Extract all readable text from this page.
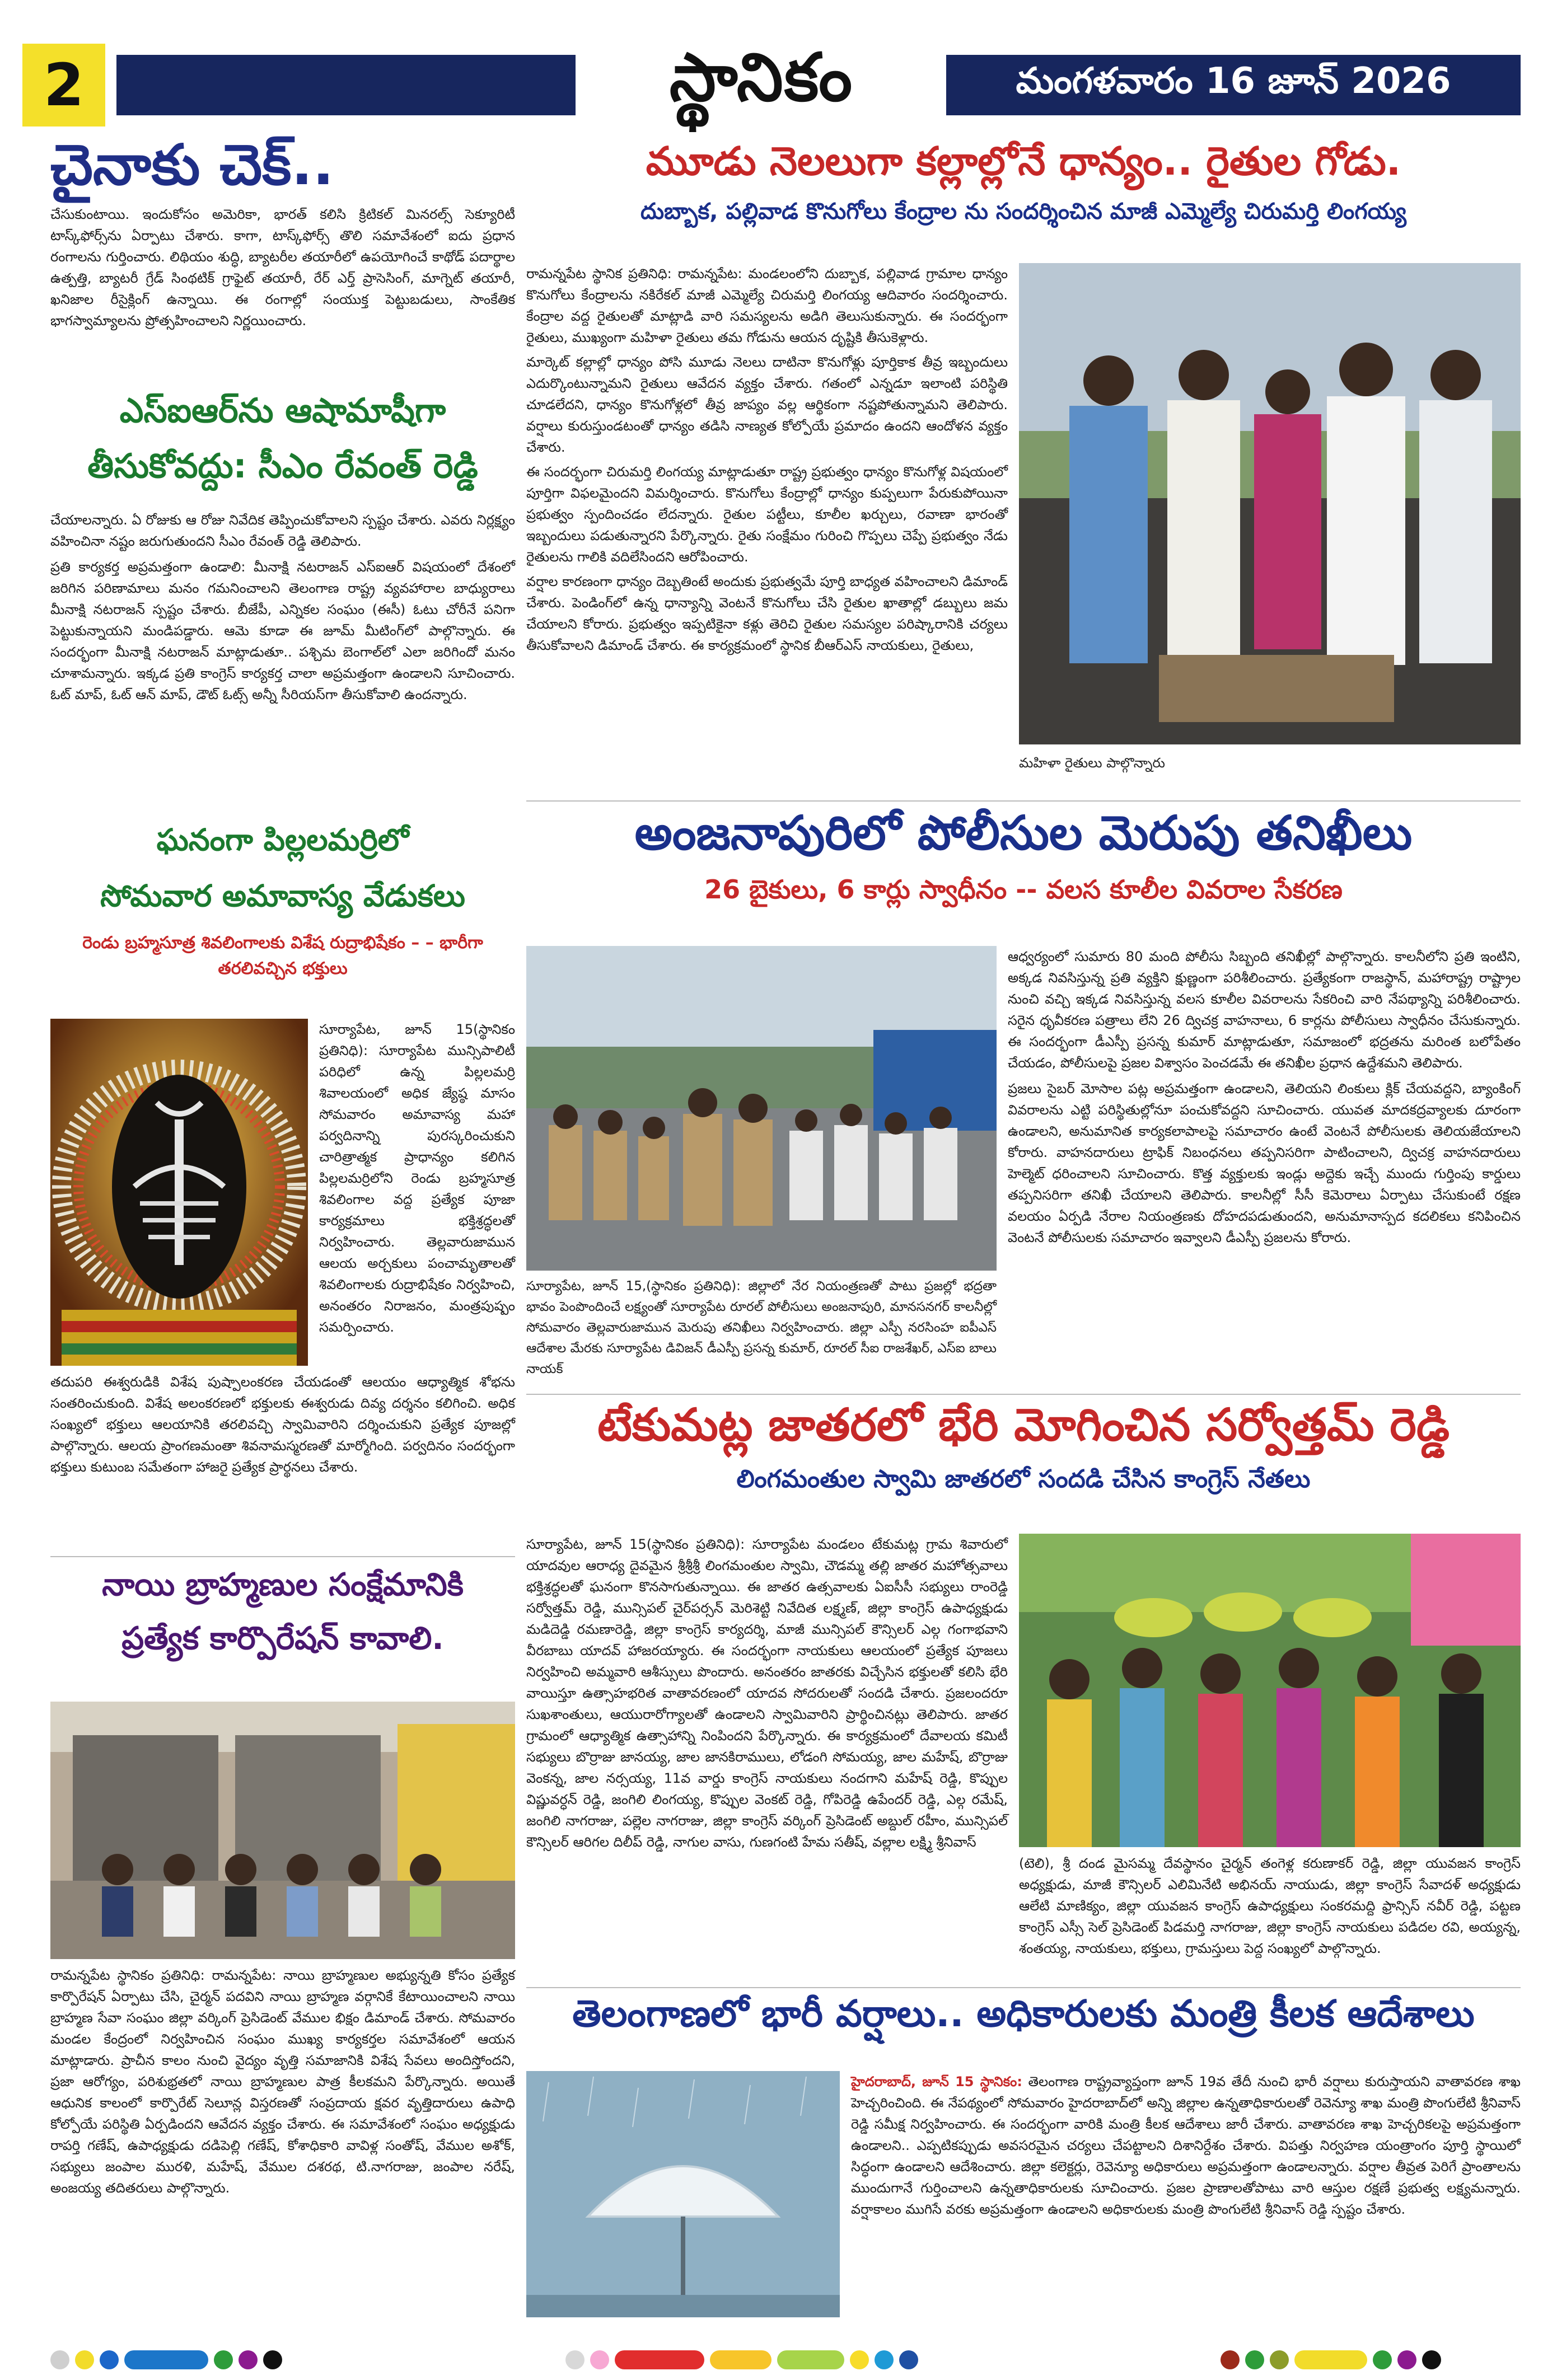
2	స్థానికం	మంగళవారం 16 జూన్ 2026
చైనాకు చెక్..

చేసుకుంటాయి. ఇందుకోసం అమెరికా, భారత్ కలిసి క్రిటికల్ మినరల్స్ సెక్యూరిటీ టాస్క్‌ఫోర్స్‌ను ఏర్పాటు చేశారు. కాగా, టాస్క్‌ఫోర్స్ తొలి సమావేశంలో ఐదు ప్రధాన రంగాలను గుర్తించారు. లిథియం శుద్ధి, బ్యాటరీల తయారీలో ఉపయోగించే కాథోడ్ పదార్థాల ఉత్పత్తి, బ్యాటరీ గ్రేడ్ సింథటిక్ గ్రాఫైట్ తయారీ, రేర్ ఎర్త్ ప్రాసెసింగ్, మాగ్నెట్ తయారీ, ఖనిజాల రీసైక్లింగ్ ఉన్నాయి. ఈ రంగాల్లో సంయుక్త పెట్టుబడులు, సాంకేతిక భాగస్వామ్యాలను ప్రోత్సహించాలని నిర్ణయించారు.

ఎస్ఐఆర్‌ను ఆషామాషీగా
తీసుకోవద్దు: సీఎం రేవంత్ రెడ్డి

చేయాలన్నారు. ఏ రోజుకు ఆ రోజు నివేదిక తెప్పించుకోవాలని స్పష్టం చేశారు. ఎవరు నిర్లక్ష్యం వహించినా నష్టం జరుగుతుందని సీఎం రేవంత్ రెడ్డి తెలిపారు.

ప్రతి కార్యకర్త అప్రమత్తంగా ఉండాలి: మీనాక్షి నటరాజన్ ఎస్ఐఆర్ విషయంలో దేశంలో జరిగిన పరిణామాలు మనం గమనించాలని తెలంగాణ రాష్ట్ర వ్యవహారాల బాధ్యురాలు మీనాక్షి నటరాజన్ స్పష్టం చేశారు. బీజేపీ, ఎన్నికల సంఘం (ఈసీ) ఓటు చోరీనే పనిగా పెట్టుకున్నాయని మండిపడ్డారు. ఆమె కూడా ఈ జూమ్ మీటింగ్‌లో పాల్గొన్నారు. ఈ సందర్భంగా మీనాక్షి నటరాజన్ మాట్లాడుతూ.. పశ్చిమ బెంగాల్‌లో ఎలా జరిగిందో మనం చూశామన్నారు. ఇక్కడ ప్రతి కాంగ్రెస్ కార్యకర్త చాలా అప్రమత్తంగా ఉండాలని సూచించారు. ఓట్ మాప్, ఓట్ ఆన్ మాప్, డౌట్ ఓట్స్ అన్నీ సీరియస్‌గా తీసుకోవాలి ఉందన్నారు.

ఘనంగా పిల్లలమర్రిలో
సోమవార అమావాస్య వేడుకలు
రెండు బ్రహ్మసూత్ర శివలింగాలకు విశేష రుద్రాభిషేకం – – భారీగా తరలివచ్చిన భక్తులు

సూర్యాపేట, జూన్ 15(స్థానికం ప్రతినిధి): సూర్యాపేట మున్సిపాలిటీ పరిధిలో ఉన్న పిల్లలమర్రి శివాలయంలో అధిక జ్యేష్ఠ మాసం సోమవారం అమావాస్య మహా పర్వదినాన్ని పురస్కరించుకుని చారిత్రాత్మక ప్రాధాన్యం కలిగిన పిల్లలమర్రిలోని రెండు బ్రహ్మసూత్ర శివలింగాల వద్ద ప్రత్యేక పూజా కార్యక్రమాలు భక్తిశ్రద్ధలతో నిర్వహించారు. తెల్లవారుజామున ఆలయ అర్చకులు పంచామృతాలతో శివలింగాలకు రుద్రాభిషేకం నిర్వహించి, అనంతరం నిరాజనం, మంత్రపుష్పం సమర్పించారు.

తదుపరి ఈశ్వరుడికి విశేష పుష్పాలంకరణ చేయడంతో ఆలయం ఆధ్యాత్మిక శోభను సంతరించుకుంది. విశేష అలంకరణలో భక్తులకు ఈశ్వరుడు దివ్య దర్శనం కలిగించి. అధిక సంఖ్యలో భక్తులు ఆలయానికి తరలివచ్చి స్వామివారిని దర్శించుకుని ప్రత్యేక పూజల్లో పాల్గొన్నారు. ఆలయ ప్రాంగణమంతా శివనామస్మరణతో మార్మోగింది. పర్వదినం సందర్భంగా భక్తులు కుటుంబ సమేతంగా హాజరై ప్రత్యేక ప్రార్థనలు చేశారు.

నాయి బ్రాహ్మణుల సంక్షేమానికి
ప్రత్యేక కార్పొరేషన్ కావాలి.

రామన్నపేట స్థానికం ప్రతినిధి: రామన్నపేట: నాయి బ్రాహ్మణుల అభ్యున్నతి కోసం ప్రత్యేక కార్పొరేషన్ ఏర్పాటు చేసి, చైర్మన్ పదవిని నాయి బ్రాహ్మణ వర్గానికే కేటాయించాలని నాయి బ్రాహ్మణ సేవా సంఘం జిల్లా వర్కింగ్ ప్రెసిడెంట్ వేముల భిక్షం డిమాండ్ చేశారు. సోమవారం మండల కేంద్రంలో నిర్వహించిన సంఘం ముఖ్య కార్యకర్తల సమావేశంలో ఆయన మాట్లాడారు. ప్రాచీన కాలం నుంచి వైద్యం వృత్తి సమాజానికి విశేష సేవలు అందిస్తోందని, ప్రజా ఆరోగ్యం, పరిశుభ్రతలో నాయి బ్రాహ్మణుల పాత్ర కీలకమని పేర్కొన్నారు. అయితే ఆధునిక కాలంలో కార్పొరేట్ సెలూన్ల విస్తరణతో సంప్రదాయ క్షవర వృత్తిదారులు ఉపాధి కోల్పోయే పరిస్థితి ఏర్పడిందని ఆవేదన వ్యక్తం చేశారు. ఈ సమావేశంలో సంఘం అధ్యక్షుడు రాపర్తి గణేష్, ఉపాధ్యక్షుడు దడిపెల్లి గణేష్, కోశాధికారి వావిళ్ల సంతోష్, వేముల అశోక్, సభ్యులు జంపాల మురళి, మహేష్, వేముల దశరథ, టి.నాగరాజు, జంపాల నరేష్, అంజయ్య తదితరులు పాల్గొన్నారు.

మూడు నెలలుగా కల్లాల్లోనే ధాన్యం.. రైతుల గోడు.
దుబ్బాక, పల్లివాడ కొనుగోలు కేంద్రాల ను సందర్శించిన మాజీ ఎమ్మెల్యే చిరుమర్తి లింగయ్య

రామన్నపేట స్థానిక ప్రతినిధి: రామన్నపేట: మండలంలోని దుబ్బాక, పల్లివాడ గ్రామాల ధాన్యం కొనుగోలు కేంద్రాలను నకిరేకల్ మాజీ ఎమ్మెల్యే చిరుమర్తి లింగయ్య ఆదివారం సందర్శించారు. కేంద్రాల వద్ద రైతులతో మాట్లాడి వారి సమస్యలను అడిగి తెలుసుకున్నారు. ఈ సందర్భంగా రైతులు, ముఖ్యంగా మహిళా రైతులు తమ గోడును ఆయన దృష్టికి తీసుకెళ్లారు.

మార్కెట్ కల్లాల్లో ధాన్యం పోసి మూడు నెలలు దాటినా కొనుగోళ్లు పూర్తికాక తీవ్ర ఇబ్బందులు ఎదుర్కొంటున్నామని రైతులు ఆవేదన వ్యక్తం చేశారు. గతంలో ఎన్నడూ ఇలాంటి పరిస్థితి చూడలేదని, ధాన్యం కొనుగోళ్లలో తీవ్ర జాప్యం వల్ల ఆర్థికంగా నష్టపోతున్నామని తెలిపారు. వర్షాలు కురుస్తుండటంతో ధాన్యం తడిసి నాణ్యత కోల్పోయే ప్రమాదం ఉందని ఆందోళన వ్యక్తం చేశారు.

ఈ సందర్భంగా చిరుమర్తి లింగయ్య మాట్లాడుతూ రాష్ట్ర ప్రభుత్వం ధాన్యం కొనుగోళ్ల విషయంలో పూర్తిగా విఫలమైందని విమర్శించారు. కొనుగోలు కేంద్రాల్లో ధాన్యం కుప్పలుగా పేరుకుపోయినా ప్రభుత్వం స్పందించడం లేదన్నారు. రైతుల పట్టీలు, కూలీల ఖర్చులు, రవాణా భారంతో ఇబ్బందులు పడుతున్నారని పేర్కొన్నారు. రైతు సంక్షేమం గురించి గొప్పలు చెప్పే ప్రభుత్వం నేడు రైతులను గాలికి వదిలేసిందని ఆరోపించారు.

వర్షాల కారణంగా ధాన్యం దెబ్బతింటే అందుకు ప్రభుత్వమే పూర్తి బాధ్యత వహించాలని డిమాండ్ చేశారు. పెండింగ్‌లో ఉన్న ధాన్యాన్ని వెంటనే కొనుగోలు చేసి రైతుల ఖాతాల్లో డబ్బులు జమ చేయాలని కోరారు. ప్రభుత్వం ఇప్పటికైనా కళ్లు తెరిచి రైతుల సమస్యల పరిష్కారానికి చర్యలు తీసుకోవాలని డిమాండ్ చేశారు. ఈ కార్యక్రమంలో స్థానిక బీఆర్ఎస్ నాయకులు, రైతులు,

మహిళా రైతులు పాల్గొన్నారు
అంజనాపురిలో పోలీసుల మెరుపు తనిఖీలు
26 బైకులు, 6 కార్లు స్వాధీనం -- వలస కూలీల వివరాల సేకరణ

సూర్యాపేట, జూన్ 15,(స్థానికం ప్రతినిధి): జిల్లాలో నేర నియంత్రణతో పాటు ప్రజల్లో భద్రతా భావం పెంపొందించే లక్ష్యంతో సూర్యాపేట రూరల్ పోలీసులు అంజనాపురి, మానసనగర్ కాలనీల్లో సోమవారం తెల్లవారుజామున మెరుపు తనిఖీలు నిర్వహించారు. జిల్లా ఎస్పీ నరసింహ ఐపీఎస్ ఆదేశాల మేరకు సూర్యాపేట డివిజన్ డీఎస్పీ ప్రసన్న కుమార్, రూరల్ సీఐ రాజశేఖర్, ఎస్ఐ బాలు నాయక్

ఆధ్వర్యంలో సుమారు 80 మంది పోలీసు సిబ్బంది తనిఖీల్లో పాల్గొన్నారు. కాలనీలోని ప్రతి ఇంటిని, అక్కడ నివసిస్తున్న ప్రతి వ్యక్తిని క్షుణ్ణంగా పరిశీలించారు. ప్రత్యేకంగా రాజస్థాన్, మహారాష్ట్ర రాష్ట్రాల నుంచి వచ్చి ఇక్కడ నివసిస్తున్న వలస కూలీల వివరాలను సేకరించి వారి నేపథ్యాన్ని పరిశీలించారు. సరైన ధృవీకరణ పత్రాలు లేని 26 ద్విచక్ర వాహనాలు, 6 కార్లను పోలీసులు స్వాధీనం చేసుకున్నారు. ఈ సందర్భంగా డీఎస్పీ ప్రసన్న కుమార్ మాట్లాడుతూ, సమాజంలో భద్రతను మరింత బలోపేతం చేయడం, పోలీసులపై ప్రజల విశ్వాసం పెంచడమే ఈ తనిఖీల ప్రధాన ఉద్దేశమని తెలిపారు.

ప్రజలు సైబర్ మోసాల పట్ల అప్రమత్తంగా ఉండాలని, తెలియని లింకులు క్లిక్ చేయవద్దని, బ్యాంకింగ్ వివరాలను ఎట్టి పరిస్థితుల్లోనూ పంచుకోవద్దని సూచించారు. యువత మాదకద్రవ్యాలకు దూరంగా ఉండాలని, అనుమానిత కార్యకలాపాలపై సమాచారం ఉంటే వెంటనే పోలీసులకు తెలియజేయాలని కోరారు. వాహనదారులు ట్రాఫిక్ నిబంధనలు తప్పనిసరిగా పాటించాలని, ద్విచక్ర వాహనదారులు హెల్మెట్ ధరించాలని సూచించారు. కొత్త వ్యక్తులకు ఇండ్లు అద్దెకు ఇచ్చే ముందు గుర్తింపు కార్డులు తప్పనిసరిగా తనిఖీ చేయాలని తెలిపారు. కాలనీల్లో సీసీ కెమెరాలు ఏర్పాటు చేసుకుంటే రక్షణ వలయం ఏర్పడి నేరాల నియంత్రణకు దోహదపడుతుందని, అనుమానాస్పద కదలికలు కనిపించిన వెంటనే పోలీసులకు సమాచారం ఇవ్వాలని డీఎస్పీ ప్రజలను కోరారు.

టేకుమట్ల జాతరలో భేరి మోగించిన సర్వోత్తమ్ రెడ్డి
లింగమంతుల స్వామి జాతరలో సందడి చేసిన కాంగ్రెస్ నేతలు

సూర్యాపేట, జూన్ 15(స్థానికం ప్రతినిధి): సూర్యాపేట మండలం టేకుమట్ల గ్రామ శివారులో యాదవుల ఆరాధ్య దైవమైన శ్రీశ్రీశ్రీ లింగమంతుల స్వామి, చౌడమ్మ తల్లి జాతర మహోత్సవాలు భక్తిశ్రద్ధలతో ఘనంగా కొనసాగుతున్నాయి. ఈ జాతర ఉత్సవాలకు ఏఐసీసీ సభ్యులు రాంరెడ్డి సర్వోత్తమ్ రెడ్డి, మున్సిపల్ చైర్‌పర్సన్ మెరిశెట్టి నివేదిత లక్ష్మణ్, జిల్లా కాంగ్రెస్ ఉపాధ్యక్షుడు మడిదెడ్డి రమణారెడ్డి, జిల్లా కాంగ్రెస్ కార్యదర్శి, మాజీ మున్సిపల్ కౌన్సిలర్ ఎల్గ గంగాభవాని వీరబాబు యాదవ్ హాజరయ్యారు. ఈ సందర్భంగా నాయకులు ఆలయంలో ప్రత్యేక పూజలు నిర్వహించి అమ్మవారి ఆశీస్సులు పొందారు. అనంతరం జాతరకు విచ్చేసిన భక్తులతో కలిసి భేరి వాయిస్తూ ఉత్సాహభరిత వాతావరణంలో యాదవ సోదరులతో సందడి చేశారు. ప్రజలందరూ సుఖశాంతులు, ఆయురారోగ్యాలతో ఉండాలని స్వామివారిని ప్రార్థించినట్లు తెలిపారు. జాతర గ్రామంలో ఆధ్యాత్మిక ఉత్సాహాన్ని నింపిందని పేర్కొన్నారు. ఈ కార్యక్రమంలో దేవాలయ కమిటీ సభ్యులు బొర్రాజు జానయ్య, జాల జానకిరాములు, లోడంగి సోమయ్య, జాల మహేష్, బొర్రాజు వెంకన్న, జాల నర్సయ్య, 11వ వార్డు కాంగ్రెస్ నాయకులు నందగాని మహేష్ రెడ్డి, కొప్పుల విష్ణువర్ధన్ రెడ్డి, జంగిలి లింగయ్య, కొప్పుల వెంకట్ రెడ్డి, గోపిరెడ్డి ఉపేందర్ రెడ్డి, ఎల్గ రమేష్, జంగిలి నాగరాజు, పల్లెల నాగరాజు, జిల్లా కాంగ్రెస్ వర్కింగ్ ప్రెసిడెంట్ అబ్దుల్ రహీం, మున్సిపల్ కౌన్సిలర్ ఆరిగల దిలీప్ రెడ్డి, నాగుల వాసు, గుణగంటి హేమ సతీష్, వల్లాల లక్ష్మి శ్రీనివాస్

(టెలి), శ్రీ దండ మైసమ్మ దేవస్థానం చైర్మన్ తంగెళ్ల కరుణాకర్ రెడ్డి, జిల్లా యువజన కాంగ్రెస్ అధ్యక్షుడు, మాజీ కౌన్సిలర్ ఎలిమినేటి అభినయ్ నాయుడు, జిల్లా కాంగ్రెస్ సేవాదళ్ అధ్యక్షుడు ఆలేటి మాణిక్యం, జిల్లా యువజన కాంగ్రెస్ ఉపాధ్యక్షులు సంకరమద్ది ఫ్రాన్సిస్ నవీర్ రెడ్డి, పట్టణ కాంగ్రెస్ ఎస్సీ సెల్ ప్రెసిడెంట్ పిడమర్తి నాగరాజు, జిల్లా కాంగ్రెస్ నాయకులు పడిదల రవి, అయ్యన్న, శంతయ్య, నాయకులు, భక్తులు, గ్రామస్తులు పెద్ద సంఖ్యలో పాల్గొన్నారు.

తెలంగాణలో భారీ వర్షాలు.. అధికారులకు మంత్రి కీలక ఆదేశాలు

హైదరాబాద్, జూన్ 15 స్థానికం: తెలంగాణ రాష్ట్రవ్యాప్తంగా జూన్ 19వ తేదీ నుంచి భారీ వర్షాలు కురుస్తాయని వాతావరణ శాఖ హెచ్చరించింది. ఈ నేపథ్యంలో సోమవారం హైదరాబాద్‌లో అన్ని జిల్లాల ఉన్నతాధికారులతో రెవెన్యూ శాఖ మంత్రి పొంగులేటి శ్రీనివాస్ రెడ్డి సమీక్ష నిర్వహించారు. ఈ సందర్భంగా వారికి మంత్రి కీలక ఆదేశాలు జారీ చేశారు. వాతావరణ శాఖ హెచ్చరికలపై అప్రమత్తంగా ఉండాలని.. ఎప్పటికప్పుడు అవసరమైన చర్యలు చేపట్టాలని దిశానిర్దేశం చేశారు. విపత్తు నిర్వహణ యంత్రాంగం పూర్తి స్థాయిలో సిద్ధంగా ఉండాలని ఆదేశించారు. జిల్లా కలెక్టర్లు, రెవెన్యూ అధికారులు అప్రమత్తంగా ఉండాలన్నారు. వర్షాల తీవ్రత పెరిగే ప్రాంతాలను ముందుగానే గుర్తించాలని ఉన్నతాధికారులకు సూచించారు. ప్రజల ప్రాణాలతోపాటు వారి ఆస్తుల రక్షణే ప్రభుత్వ లక్ష్యమన్నారు. వర్షాకాలం ముగిసే వరకు అప్రమత్తంగా ఉండాలని అధికారులకు మంత్రి పొంగులేటి శ్రీనివాస్ రెడ్డి స్పష్టం చేశారు.
